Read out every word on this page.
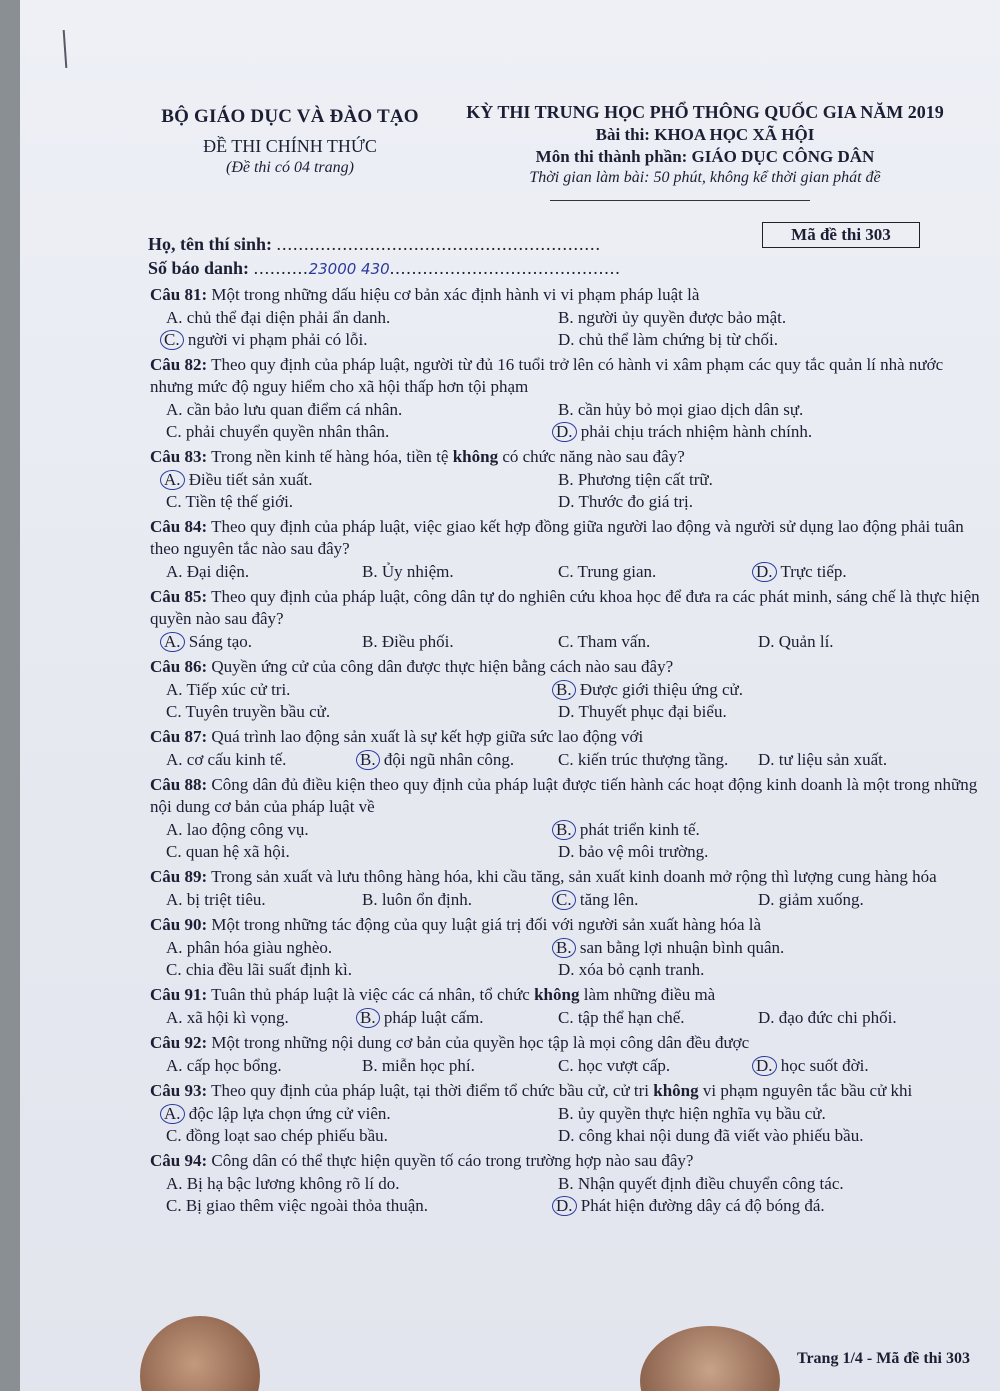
BỘ GIÁO DỤC VÀ ĐÀO TẠO
ĐỀ THI CHÍNH THỨC
(Đề thi có 04 trang)
KỲ THI TRUNG HỌC PHỔ THÔNG QUỐC GIA NĂM 2019
Bài thi: KHOA HỌC XÃ HỘI
Môn thi thành phần: GIÁO DỤC CÔNG DÂN
Thời gian làm bài: 50 phút, không kể thời gian phát đề
Họ, tên thí sinh: ...........................................................
Số báo danh: ..........23000 430..........................................
Mã đề thi 303
Câu 81: Một trong những dấu hiệu cơ bản xác định hành vi vi phạm pháp luật là
A. chủ thể đại diện phải ẩn danh.	B. người ủy quyền được bảo mật.
C. người vi phạm phải có lỗi.	D. chủ thể làm chứng bị từ chối.
Câu 82: Theo quy định của pháp luật, người từ đủ 16 tuổi trở lên có hành vi xâm phạm các quy tắc quản lí nhà nước nhưng mức độ nguy hiểm cho xã hội thấp hơn tội phạm
A. cần bảo lưu quan điểm cá nhân.	B. cần hủy bỏ mọi giao dịch dân sự.
C. phải chuyển quyền nhân thân.	D. phải chịu trách nhiệm hành chính.
Câu 83: Trong nền kinh tế hàng hóa, tiền tệ không có chức năng nào sau đây?
A. Điều tiết sản xuất.	B. Phương tiện cất trữ.
C. Tiền tệ thế giới.	D. Thước đo giá trị.
Câu 84: Theo quy định của pháp luật, việc giao kết hợp đồng giữa người lao động và người sử dụng lao động phải tuân theo nguyên tắc nào sau đây?
A. Đại diện.	B. Ủy nhiệm.	C. Trung gian.	D. Trực tiếp.
Câu 85: Theo quy định của pháp luật, công dân tự do nghiên cứu khoa học để đưa ra các phát minh, sáng chế là thực hiện quyền nào sau đây?
A. Sáng tạo.	B. Điều phối.	C. Tham vấn.	D. Quản lí.
Câu 86: Quyền ứng cử của công dân được thực hiện bằng cách nào sau đây?
A. Tiếp xúc cử tri.	B. Được giới thiệu ứng cử.
C. Tuyên truyền bầu cử.	D. Thuyết phục đại biểu.
Câu 87: Quá trình lao động sản xuất là sự kết hợp giữa sức lao động với
A. cơ cấu kinh tế.	B. đội ngũ nhân công.	C. kiến trúc thượng tầng.	D. tư liệu sản xuất.
Câu 88: Công dân đủ điều kiện theo quy định của pháp luật được tiến hành các hoạt động kinh doanh là một trong những nội dung cơ bản của pháp luật về
A. lao động công vụ.	B. phát triển kinh tế.
C. quan hệ xã hội.	D. bảo vệ môi trường.
Câu 89: Trong sản xuất và lưu thông hàng hóa, khi cầu tăng, sản xuất kinh doanh mở rộng thì lượng cung hàng hóa
A. bị triệt tiêu.	B. luôn ổn định.	C. tăng lên.	D. giảm xuống.
Câu 90: Một trong những tác động của quy luật giá trị đối với người sản xuất hàng hóa là
A. phân hóa giàu nghèo.	B. san bằng lợi nhuận bình quân.
C. chia đều lãi suất định kì.	D. xóa bỏ cạnh tranh.
Câu 91: Tuân thủ pháp luật là việc các cá nhân, tổ chức không làm những điều mà
A. xã hội kì vọng.	B. pháp luật cấm.	C. tập thể hạn chế.	D. đạo đức chi phối.
Câu 92: Một trong những nội dung cơ bản của quyền học tập là mọi công dân đều được
A. cấp học bổng.	B. miễn học phí.	C. học vượt cấp.	D. học suốt đời.
Câu 93: Theo quy định của pháp luật, tại thời điểm tổ chức bầu cử, cử tri không vi phạm nguyên tắc bầu cử khi
A. độc lập lựa chọn ứng cử viên.	B. ủy quyền thực hiện nghĩa vụ bầu cử.
C. đồng loạt sao chép phiếu bầu.	D. công khai nội dung đã viết vào phiếu bầu.
Câu 94: Công dân có thể thực hiện quyền tố cáo trong trường hợp nào sau đây?
A. Bị hạ bậc lương không rõ lí do.	B. Nhận quyết định điều chuyển công tác.
C. Bị giao thêm việc ngoài thỏa thuận.	D. Phát hiện đường dây cá độ bóng đá.
Trang 1/4 - Mã đề thi 303
